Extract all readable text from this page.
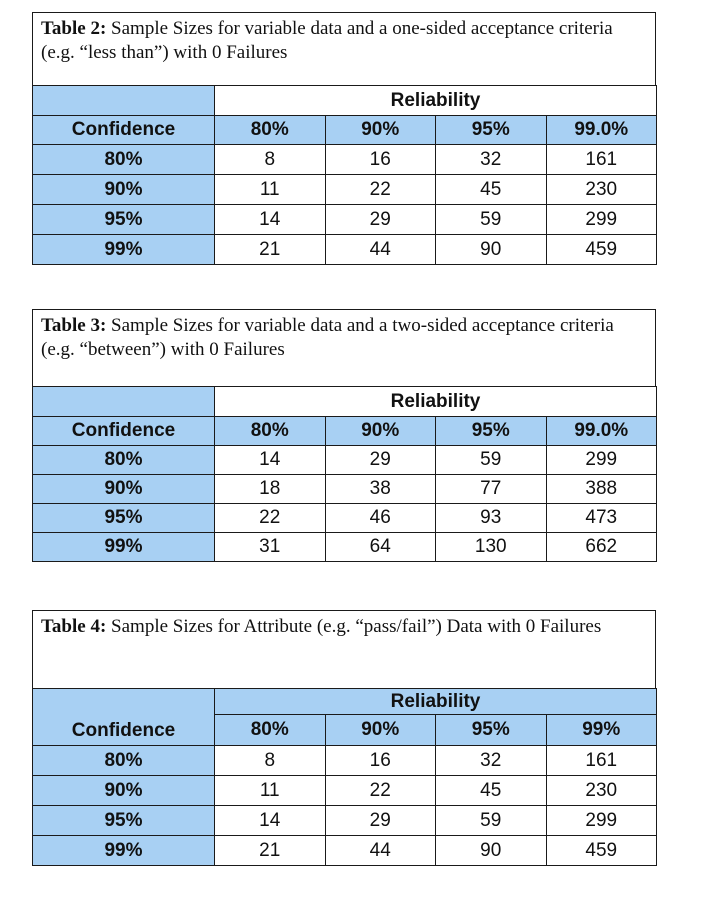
Table 2: Sample Sizes for variable data and a one-sided acceptance criteria (e.g. “less than”) with 0 Failures
	Reliability			
Confidence	80%	90%	95%	99.0%
80%	8	16	32	161
90%	11	22	45	230
95%	14	29	59	299
99%	21	44	90	459
Table 3: Sample Sizes for variable data and a two-sided acceptance criteria (e.g. “between”) with 0 Failures
	Reliability			
Confidence	80%	90%	95%	99.0%
80%	14	29	59	299
90%	18	38	77	388
95%	22	46	93	473
99%	31	64	130	662
Table 4: Sample Sizes for Attribute (e.g. “pass/fail”) Data with 0 Failures
Confidence	Reliability			
	80%	90%	95%	99%
80%	8	16	32	161
90%	11	22	45	230
95%	14	29	59	299
99%	21	44	90	459
